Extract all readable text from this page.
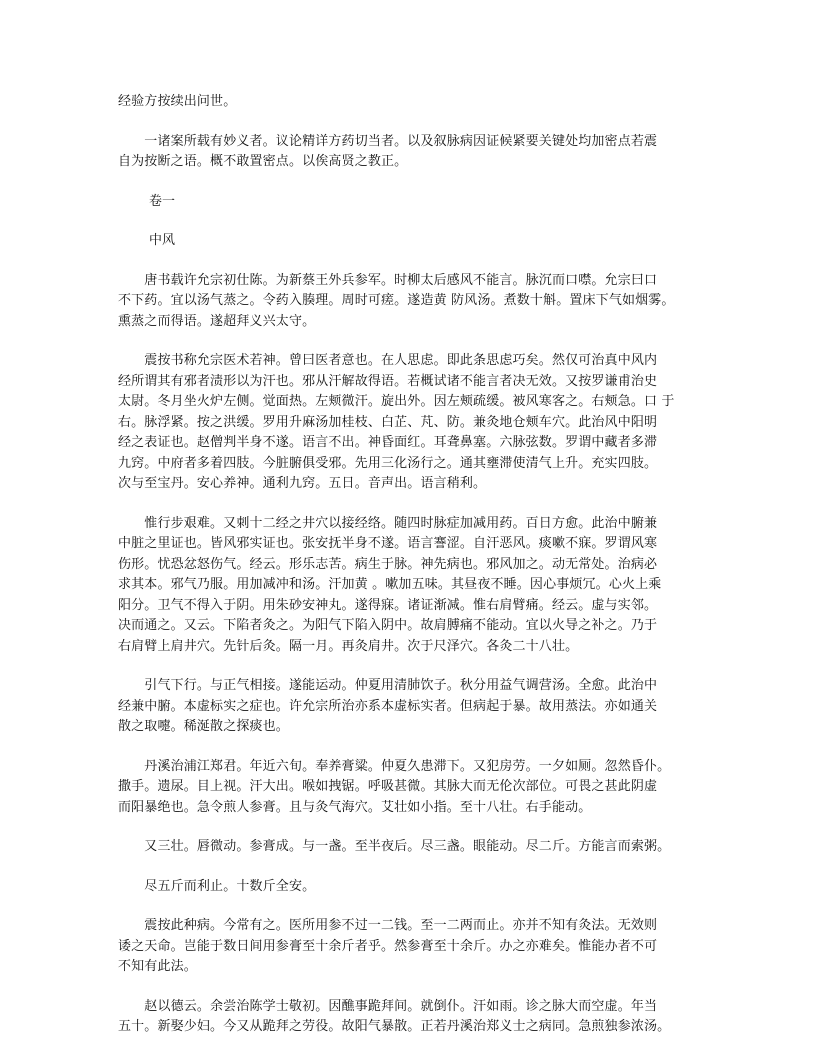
经验方按续出问世。
　　一诸案所载有妙义者。议论精详方药切当者。以及叙脉病因证候紧要关键处均加密点若震
自为按断之语。概不敢置密点。以俟高贤之教正。
卷一
中风
　　唐书载许允宗初仕陈。为新蔡王外兵参军。时柳太后感风不能言。脉沉而口噤。允宗曰口
不下药。宜以汤气蒸之。令药入腠理。周时可瘥。遂造黄 防风汤。煮数十斛。置床下气如烟雾。
熏蒸之而得语。遂超拜义兴太守。
　　震按书称允宗医术若神。曾曰医者意也。在人思虑。即此条思虑巧矣。然仅可治真中风内
经所谓其有邪者渍形以为汗也。邪从汗解故得语。若概试诸不能言者决无效。又按罗谦甫治史
太尉。冬月坐火炉左侧。觉面热。左颊微汗。旋出外。因左颊疏缓。被风寒客之。右颊急。口 于
右。脉浮紧。按之洪缓。罗用升麻汤加桂枝、白芷、芃、防。兼灸地仓颊车穴。此治风中阳明
经之表证也。赵僧判半身不遂。语言不出。神昏面红。耳聋鼻塞。六脉弦数。罗谓中藏者多滞
九窍。中府者多着四肢。今脏腑俱受邪。先用三化汤行之。通其壅滞使清气上升。充实四肢。
次与至宝丹。安心养神。通利九窍。五日。音声出。语言稍利。
　　惟行步艰难。又刺十二经之井穴以接经络。随四时脉症加减用药。百日方愈。此治中腑兼
中脏之里证也。皆风邪实证也。张安抚半身不遂。语言謇涩。自汗恶风。痰嗽不寐。罗谓风寒
伤形。忧恐忿怒伤气。经云。形乐志苦。病生于脉。神先病也。邪风加之。动无常处。治病必
求其本。邪气乃服。用加减冲和汤。汗加黄 。嗽加五味。其昼夜不睡。因心事烦冗。心火上乘
阳分。卫气不得入于阴。用朱砂安神丸。遂得寐。诸证渐减。惟右肩臂痛。经云。虚与实邻。
决而通之。又云。下陷者灸之。为阳气下陷入阴中。故肩膊痛不能动。宜以火导之补之。乃于
右肩臂上肩井穴。先针后灸。隔一月。再灸肩井。次于尺泽穴。各灸二十八壮。
　　引气下行。与正气相接。遂能运动。仲夏用清肺饮子。秋分用益气调营汤。全愈。此治中
经兼中腑。本虚标实之症也。许允宗所治亦系本虚标实者。但病起于暴。故用蒸法。亦如通关
散之取嚏。稀涎散之探痰也。
　　丹溪治浦江郑君。年近六旬。奉养膏粱。仲夏久患滞下。又犯房劳。一夕如厕。忽然昏仆。
撒手。遗尿。目上视。汗大出。喉如拽锯。呼吸甚微。其脉大而无伦次部位。可畏之甚此阴虚
而阳暴绝也。急令煎人参膏。且与灸气海穴。艾壮如小指。至十八壮。右手能动。
　　又三壮。唇微动。参膏成。与一盏。至半夜后。尽三盏。眼能动。尽二斤。方能言而索粥。
　　尽五斤而利止。十数斤全安。
　　震按此种病。今常有之。医所用参不过一二钱。至一二两而止。亦并不知有灸法。无效则
诿之天命。岂能于数日间用参膏至十余斤者乎。然参膏至十余斤。办之亦难矣。惟能办者不可
不知有此法。
　　赵以德云。余尝治陈学士敬初。因醮事跪拜间。就倒仆。汗如雨。诊之脉大而空虚。年当
五十。新娶少妇。今又从跪拜之劳役。故阳气暴散。正若丹溪治郑义士之病同。急煎独参浓汤。
